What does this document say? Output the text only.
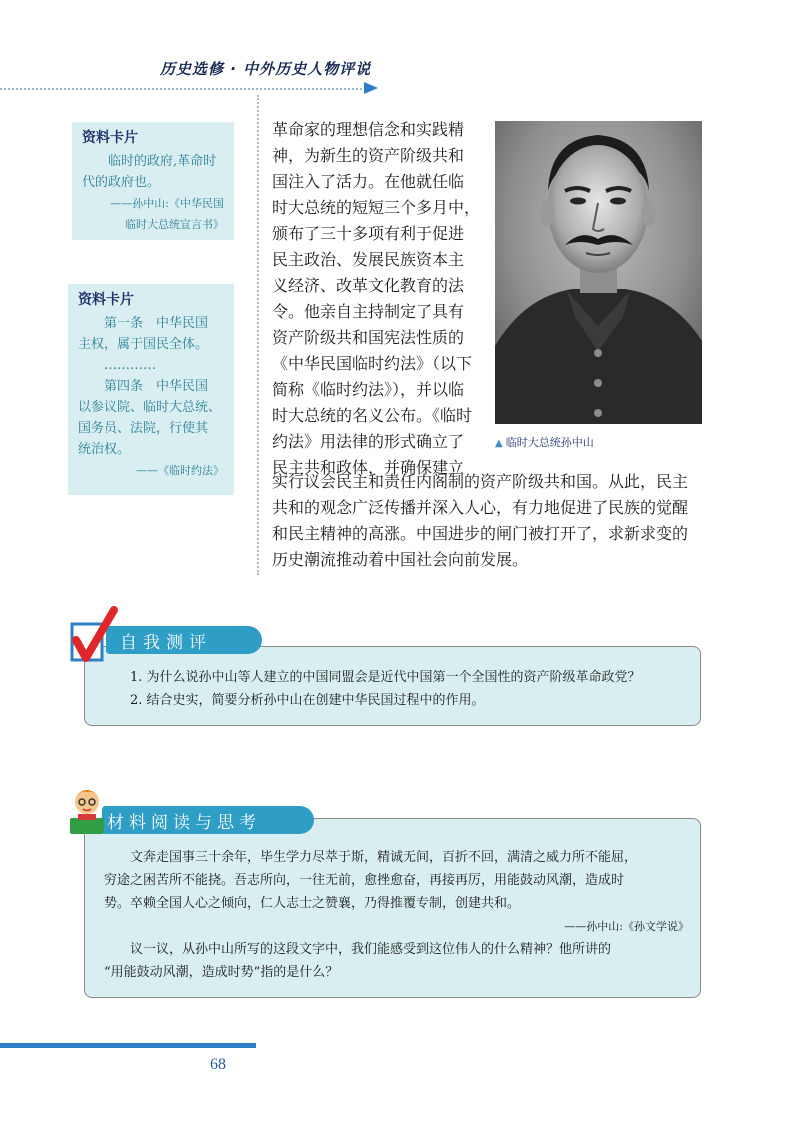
历史选修 · 中外历史人物评说
资料卡片
临时的政府,革命时
代的政府也。
——孙中山:《中华民国
临时大总统宣言书》
资料卡片
第一条　中华民国
主权，属于国民全体。
…………
第四条　中华民国
以参议院、临时大总统、
国务员、法院，行使其
统治权。
——《临时约法》
革命家的理想信念和实践精
神，为新生的资产阶级共和
国注入了活力。在他就任临
时大总统的短短三个多月中，
颁布了三十多项有利于促进
民主政治、发展民族资本主
义经济、改革文化教育的法
令。他亲自主持制定了具有
资产阶级共和国宪法性质的
《中华民国临时约法》（以下
简称《临时约法》），并以临
时大总统的名义公布。《临时
约法》用法律的形式确立了
民主共和政体，并确保建立
实行议会民主和责任内阁制的资产阶级共和国。从此，民主
共和的观念广泛传播并深入人心，有力地促进了民族的觉醒
和民主精神的高涨。中国进步的闸门被打开了，求新求变的
历史潮流推动着中国社会向前发展。
▲ 临时大总统孙中山
自我测评
1. 为什么说孙中山等人建立的中国同盟会是近代中国第一个全国性的资产阶级革命政党？
2. 结合史实，简要分析孙中山在创建中华民国过程中的作用。
材料阅读与思考
文奔走国事三十余年，毕生学力尽萃于斯，精诚无间，百折不回，满清之威力所不能屈，
穷途之困苦所不能挠。吾志所向，一往无前，愈挫愈奋，再接再厉，用能鼓动风潮，造成时
势。卒赖全国人心之倾向，仁人志士之赞襄，乃得推覆专制，创建共和。
——孙中山:《孙文学说》
议一议，从孙中山所写的这段文字中，我们能感受到这位伟人的什么精神？他所讲的
“用能鼓动风潮，造成时势”指的是什么？
68
